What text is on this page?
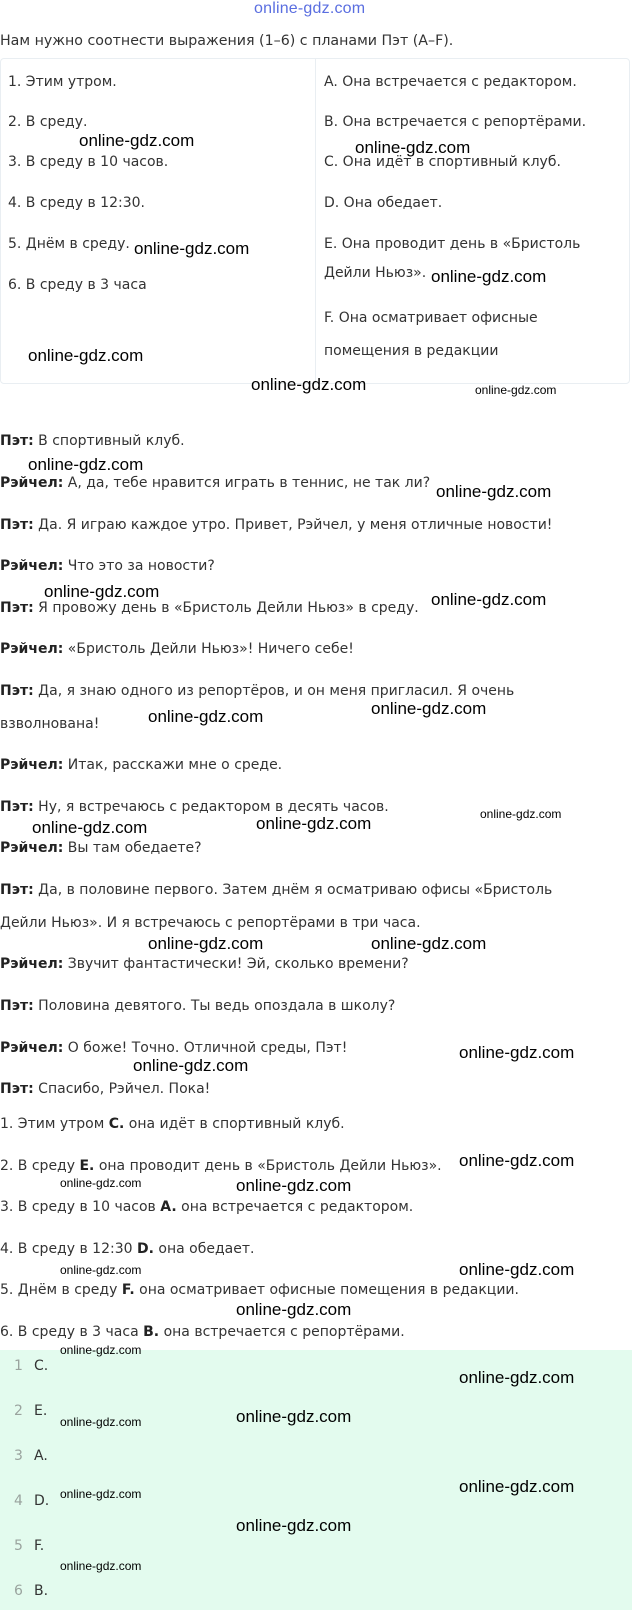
online-gdz.com
Нам нужно соотнести выражения (1–6) с планами Пэт (A–F).
1. Этим утром.
2. В среду.
3. В среду в 10 часов.
4. В среду в 12:30.
5. Днём в среду.
6. В среду в 3 часа
A. Она встречается с редактором.
B. Она встречается с репортёрами.
C. Она идёт в спортивный клуб.
D. Она обедает.
E. Она проводит день в «Бристоль
Дейли Ньюз».
F. Она осматривает офисные
помещения в редакции
Пэт: В спортивный клуб.
Рэйчел: А, да, тебе нравится играть в теннис, не так ли?
Пэт: Да. Я играю каждое утро. Привет, Рэйчел, у меня отличные новости!
Рэйчел: Что это за новости?
Пэт: Я провожу день в «Бристоль Дейли Ньюз» в среду.
Рэйчел: «Бристоль Дейли Ньюз»! Ничего себе!
Пэт: Да, я знаю одного из репортёров, и он меня пригласил. Я очень
взволнована!
Рэйчел: Итак, расскажи мне о среде.
Пэт: Ну, я встречаюсь с редактором в десять часов.
Рэйчел: Вы там обедаете?
Пэт: Да, в половине первого. Затем днём я осматриваю офисы «Бристоль
Дейли Ньюз». И я встречаюсь с репортёрами в три часа.
Рэйчел: Звучит фантастически! Эй, сколько времени?
Пэт: Половина девятого. Ты ведь опоздала в школу?
Рэйчел: О боже! Точно. Отличной среды, Пэт!
Пэт: Спасибо, Рэйчел. Пока!
1. Этим утром C. она идёт в спортивный клуб.
2. В среду E. она проводит день в «Бристоль Дейли Ньюз».
3. В среду в 10 часов A. она встречается с редактором.
4. В среду в 12:30 D. она обедает.
5. Днём в среду F. она осматривает офисные помещения в редакции.
6. В среду в 3 часа B. она встречается с репортёрами.
1 C.
2 E.
3 A.
4 D.
5 F.
6 B.
online-gdz.com	online-gdz.com
online-gdz.com
online-gdz.com
online-gdz.com
online-gdz.com	online-gdz.com
online-gdz.com
online-gdz.com
online-gdz.com	online-gdz.com
online-gdz.com	online-gdz.com
online-gdz.com
online-gdz.com	online-gdz.com
online-gdz.com	online-gdz.com
online-gdz.com
online-gdz.com
online-gdz.com
online-gdz.com	online-gdz.com
online-gdz.com
online-gdz.com
online-gdz.com
online-gdz.com
online-gdz.com
online-gdz.com
online-gdz.com
online-gdz.com
online-gdz.com
online-gdz.com
online-gdz.com
